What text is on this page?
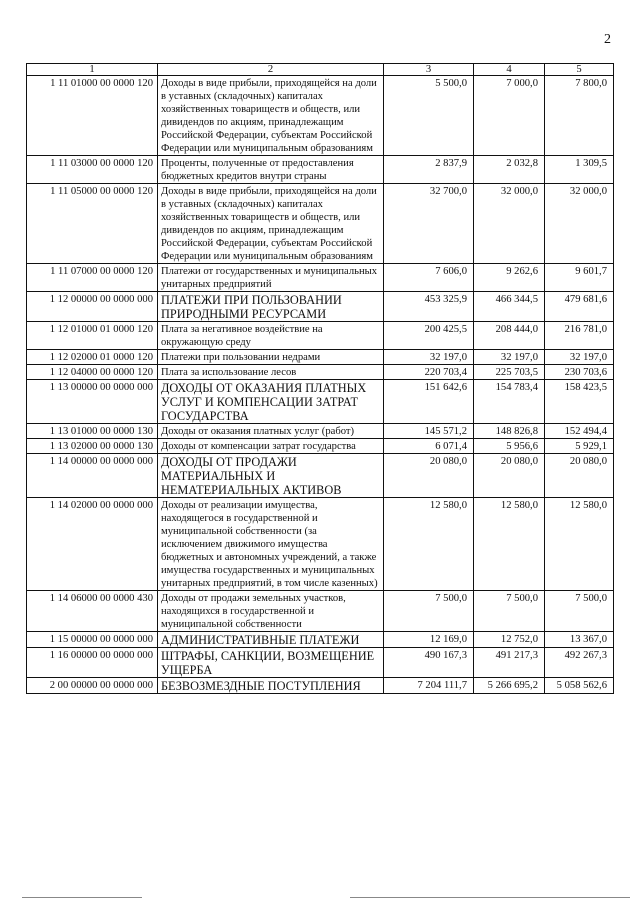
2
1	2	3	4	5
1 11 01000 00 0000 120	Доходы в виде прибыли, приходящейся на доли в уставных (складочных) капиталах хозяйственных товариществ и обществ, или дивидендов по акциям, принадлежащим Российской Федерации, субъектам Российской Федерации или муниципальным образованиям	5 500,0	7 000,0	7 800,0
1 11 03000 00 0000 120	Проценты, полученные от предоставления бюджетных кредитов внутри страны	2 837,9	2 032,8	1 309,5
1 11 05000 00 0000 120	Доходы в виде прибыли, приходящейся на доли в уставных (складочных) капиталах хозяйственных товариществ и обществ, или дивидендов по акциям, принадлежащим Российской Федерации, субъектам Российской Федерации или муниципальным образованиям	32 700,0	32 000,0	32 000,0
1 11 07000 00 0000 120	Платежи от государственных и муниципальных унитарных предприятий	7 606,0	9 262,6	9 601,7
1 12 00000 00 0000 000	ПЛАТЕЖИ ПРИ ПОЛЬЗОВАНИИ ПРИРОДНЫМИ РЕСУРСАМИ	453 325,9	466 344,5	479 681,6
1 12 01000 01 0000 120	Плата за негативное воздействие на окружающую среду	200 425,5	208 444,0	216 781,0
1 12 02000 01 0000 120	Платежи при пользовании недрами	32 197,0	32 197,0	32 197,0
1 12 04000 00 0000 120	Плата за использование лесов	220 703,4	225 703,5	230 703,6
1 13 00000 00 0000 000	ДОХОДЫ ОТ ОКАЗАНИЯ ПЛАТНЫХ УСЛУГ И КОМПЕНСАЦИИ ЗАТРАТ ГОСУДАРСТВА	151 642,6	154 783,4	158 423,5
1 13 01000 00 0000 130	Доходы от оказания платных услуг (работ)	145 571,2	148 826,8	152 494,4
1 13 02000 00 0000 130	Доходы от компенсации затрат государства	6 071,4	5 956,6	5 929,1
1 14 00000 00 0000 000	ДОХОДЫ ОТ ПРОДАЖИ МАТЕРИАЛЬНЫХ И НЕМАТЕРИАЛЬНЫХ АКТИВОВ	20 080,0	20 080,0	20 080,0
1 14 02000 00 0000 000	Доходы от реализации имущества, находящегося в государственной и муниципальной собственности (за исключением движимого имущества бюджетных и автономных учреждений, а также имущества государственных и муниципальных унитарных предприятий, в том числе казенных)	12 580,0	12 580,0	12 580,0
1 14 06000 00 0000 430	Доходы от продажи земельных участков, находящихся в государственной и муниципальной собственности	7 500,0	7 500,0	7 500,0
1 15 00000 00 0000 000	АДМИНИСТРАТИВНЫЕ ПЛАТЕЖИ	12 169,0	12 752,0	13 367,0
1 16 00000 00 0000 000	ШТРАФЫ, САНКЦИИ, ВОЗМЕЩЕНИЕ УЩЕРБА	490 167,3	491 217,3	492 267,3
2 00 00000 00 0000 000	БЕЗВОЗМЕЗДНЫЕ ПОСТУПЛЕНИЯ	7 204 111,7	5 266 695,2	5 058 562,6
